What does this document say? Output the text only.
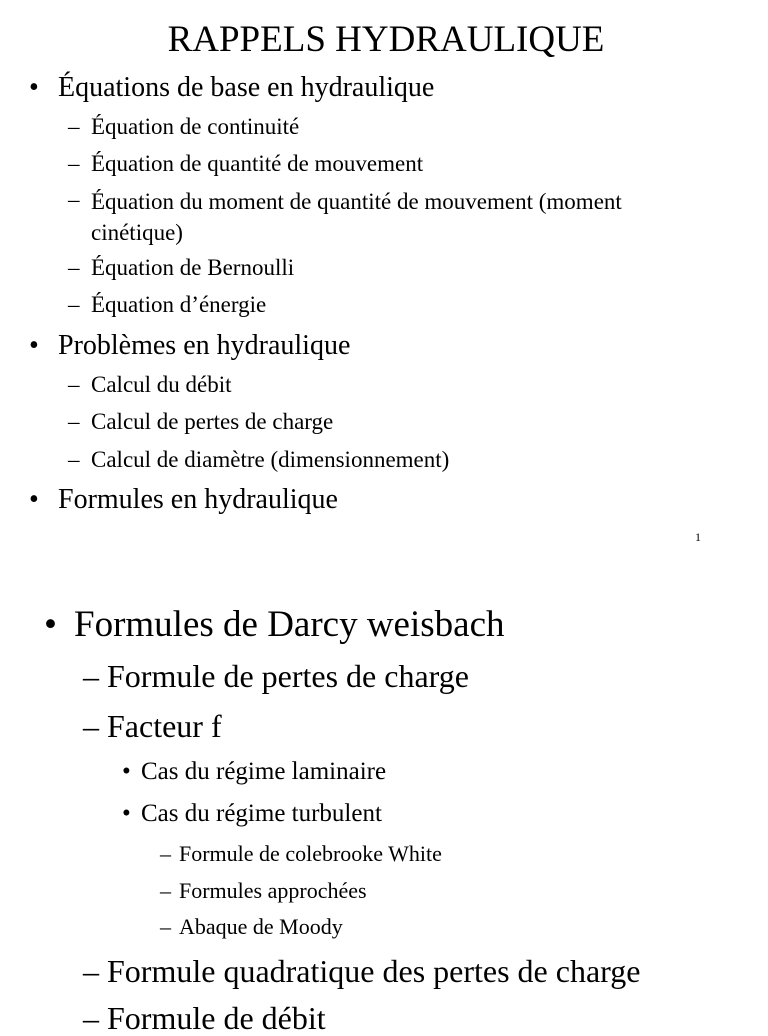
RAPPELS HYDRAULIQUE
• Équations de base en hydraulique
– Équation de continuité
– Équation de quantité de mouvement
– Équation du moment de quantité de mouvement (moment cinétique)
– Équation de Bernoulli
– Équation d’énergie
• Problèmes en hydraulique
– Calcul du débit
– Calcul de pertes de charge
– Calcul de diamètre (dimensionnement)
• Formules en hydraulique
1
• Formules de Darcy weisbach
– Formule de pertes de charge
– Facteur f
• Cas du régime laminaire
• Cas du régime turbulent
– Formule de colebrooke White
– Formules approchées
– Abaque de Moody
– Formule quadratique des pertes de charge
– Formule de débit
